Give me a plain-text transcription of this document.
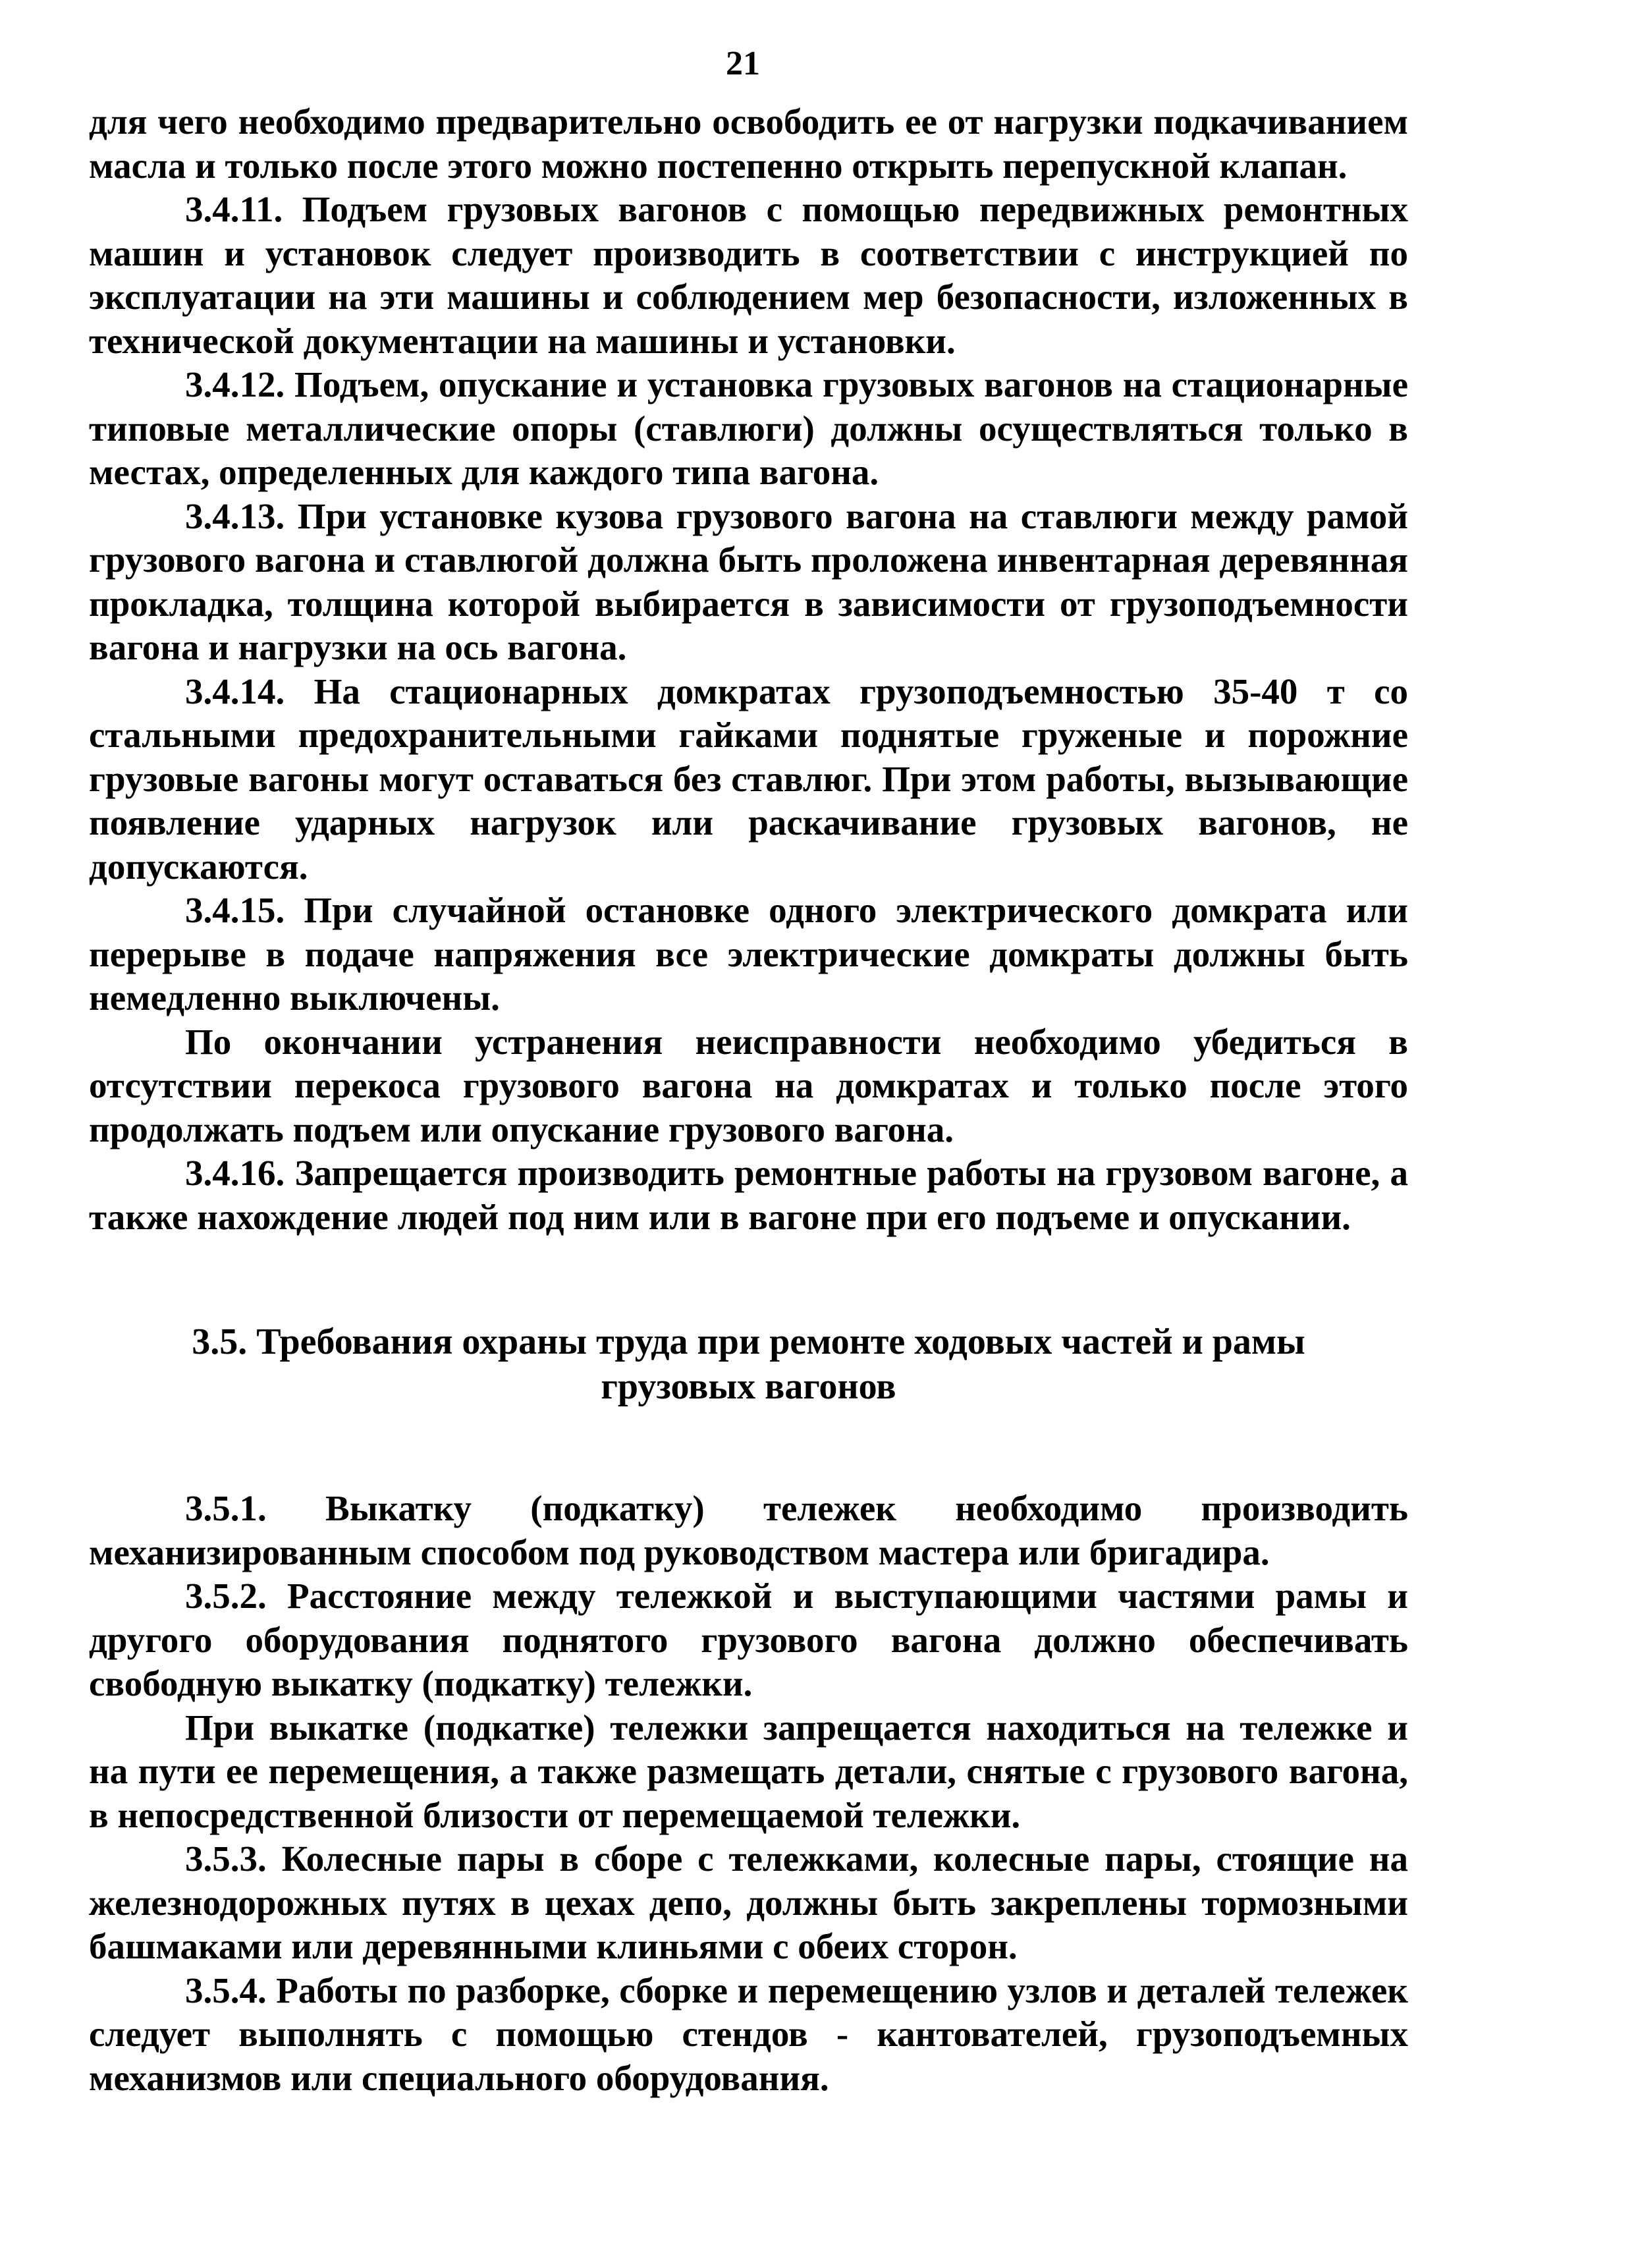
21

для чего необходимо предварительно освободить ее от нагрузки подкачиванием масла и только после этого можно постепенно открыть перепускной клапан.

3.4.11. Подъем грузовых вагонов с помощью передвижных ремонтных машин и установок следует производить в соответствии с инструкцией по эксплуатации на эти машины и соблюдением мер безопасности, изложенных в технической документации на машины и установки.

3.4.12. Подъем, опускание и установка грузовых вагонов на стационарные типовые металлические опоры (ставлюги) должны осуществляться только в местах, определенных для каждого типа вагона.

3.4.13. При установке кузова грузового вагона на ставлюги между рамой грузового вагона и ставлюгой должна быть проложена инвентарная деревянная прокладка, толщина которой выбирается в зависимости от грузоподъемности вагона и нагрузки на ось вагона.

3.4.14. На стационарных домкратах грузоподъемностью 35-40 т со стальными предохранительными гайками поднятые груженые и порожние грузовые вагоны могут оставаться без ставлюг. При этом работы, вызывающие появление ударных нагрузок или раскачивание грузовых вагонов, не допускаются.

3.4.15. При случайной остановке одного электрического домкрата или перерыве в подаче напряжения все электрические домкраты должны быть немедленно выключены.

По окончании устранения неисправности необходимо убедиться в отсутствии перекоса грузового вагона на домкратах и только после этого продолжать подъем или опускание грузового вагона.

3.4.16. Запрещается производить ремонтные работы на грузовом вагоне, а также нахождение людей под ним или в вагоне при его подъеме и опускании.

3.5. Требования охраны труда при ремонте ходовых частей и рамы
грузовых вагонов

3.5.1. Выкатку (подкатку) тележек необходимо производить механизированным способом под руководством мастера или бригадира.

3.5.2. Расстояние между тележкой и выступающими частями рамы и другого оборудования поднятого грузового вагона должно обеспечивать свободную выкатку (подкатку) тележки.

При выкатке (подкатке) тележки запрещается находиться на тележке и на пути ее перемещения, а также размещать детали, снятые с грузового вагона, в непосредственной близости от перемещаемой тележки.

3.5.3. Колесные пары в сборе с тележками, колесные пары, стоящие на железнодорожных путях в цехах депо, должны быть закреплены тормозными башмаками или деревянными клиньями с обеих сторон.

3.5.4. Работы по разборке, сборке и перемещению узлов и деталей тележек следует выполнять с помощью стендов - кантователей, грузоподъемных механизмов или специального оборудования.
